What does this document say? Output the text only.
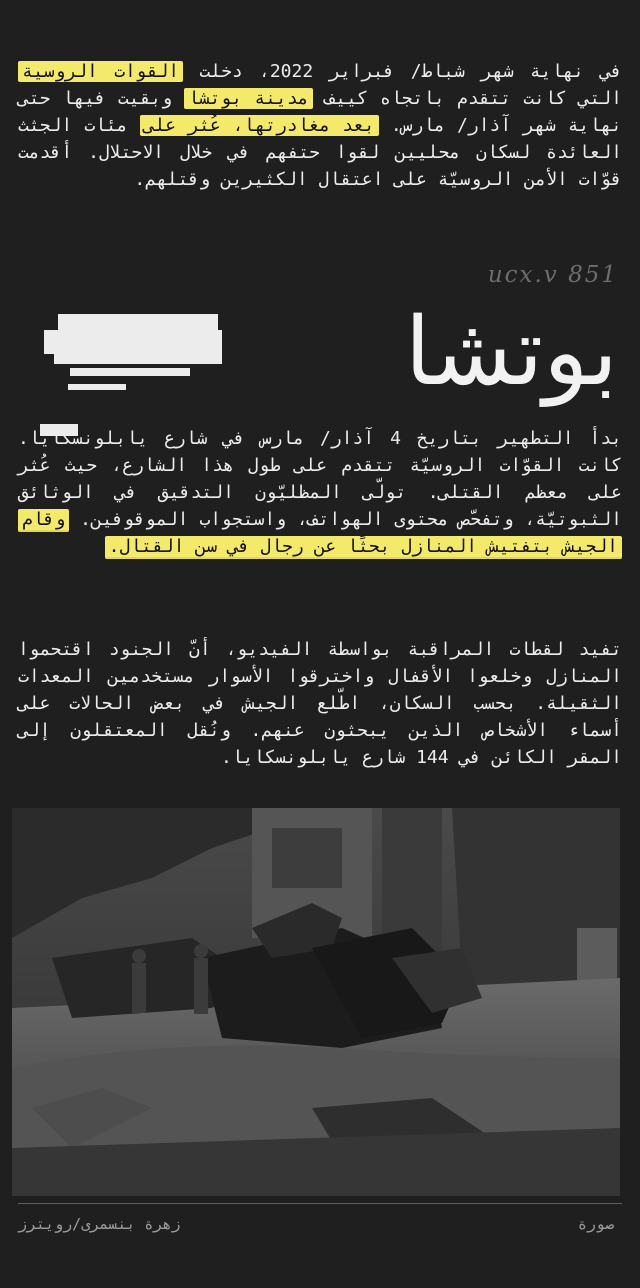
في نهاية شهر شباط/ فبراير 2022، دخلت القوات الروسية التي كانت تتقدم باتجاه كييف مدينة بوتشا وبقيت فيها حتى نهاية شهر آذار/ مارس. بعد مغادرتها، عُثر على مئات الجثث العائدة لسكان محليين لقوا حتفهم في خلال الاحتلال. أقدمت قوّات الأمن الروسيّة على اعتقال الكثيرين وقتلهم.

ucx.v 851
بوتشا

بدأ التطهير بتاريخ 4 آذار/ مارس في شارع يابلونسكايا. كانت القوّات الروسيّة تتقدم على طول هذا الشارع، حيث عُثر على معظم القتلى. تولّى المظليّون التدقيق في الوثائق الثبوتيّة، وتفحّص محتوى الهواتف، واستجواب الموقوفين. وقام الجيش بتفتيش المنازل بحثًا عن رجال في سن القتال.

تفيد لقطات المراقبة بواسطة الفيديو، أنّ الجنود اقتحموا المنازل وخلعوا الأقفال واخترقوا الأسوار مستخدمين المعدات الثقيلة. بحسب السكان، اطّلع الجيش في بعض الحالات على أسماء الأشخاص الذين يبحثون عنهم. ونُقل المعتقلون إلى المقر الكائن في 144 شارع يابلونسكايا.

صورة
زهرة بنسمرى/رويترز
